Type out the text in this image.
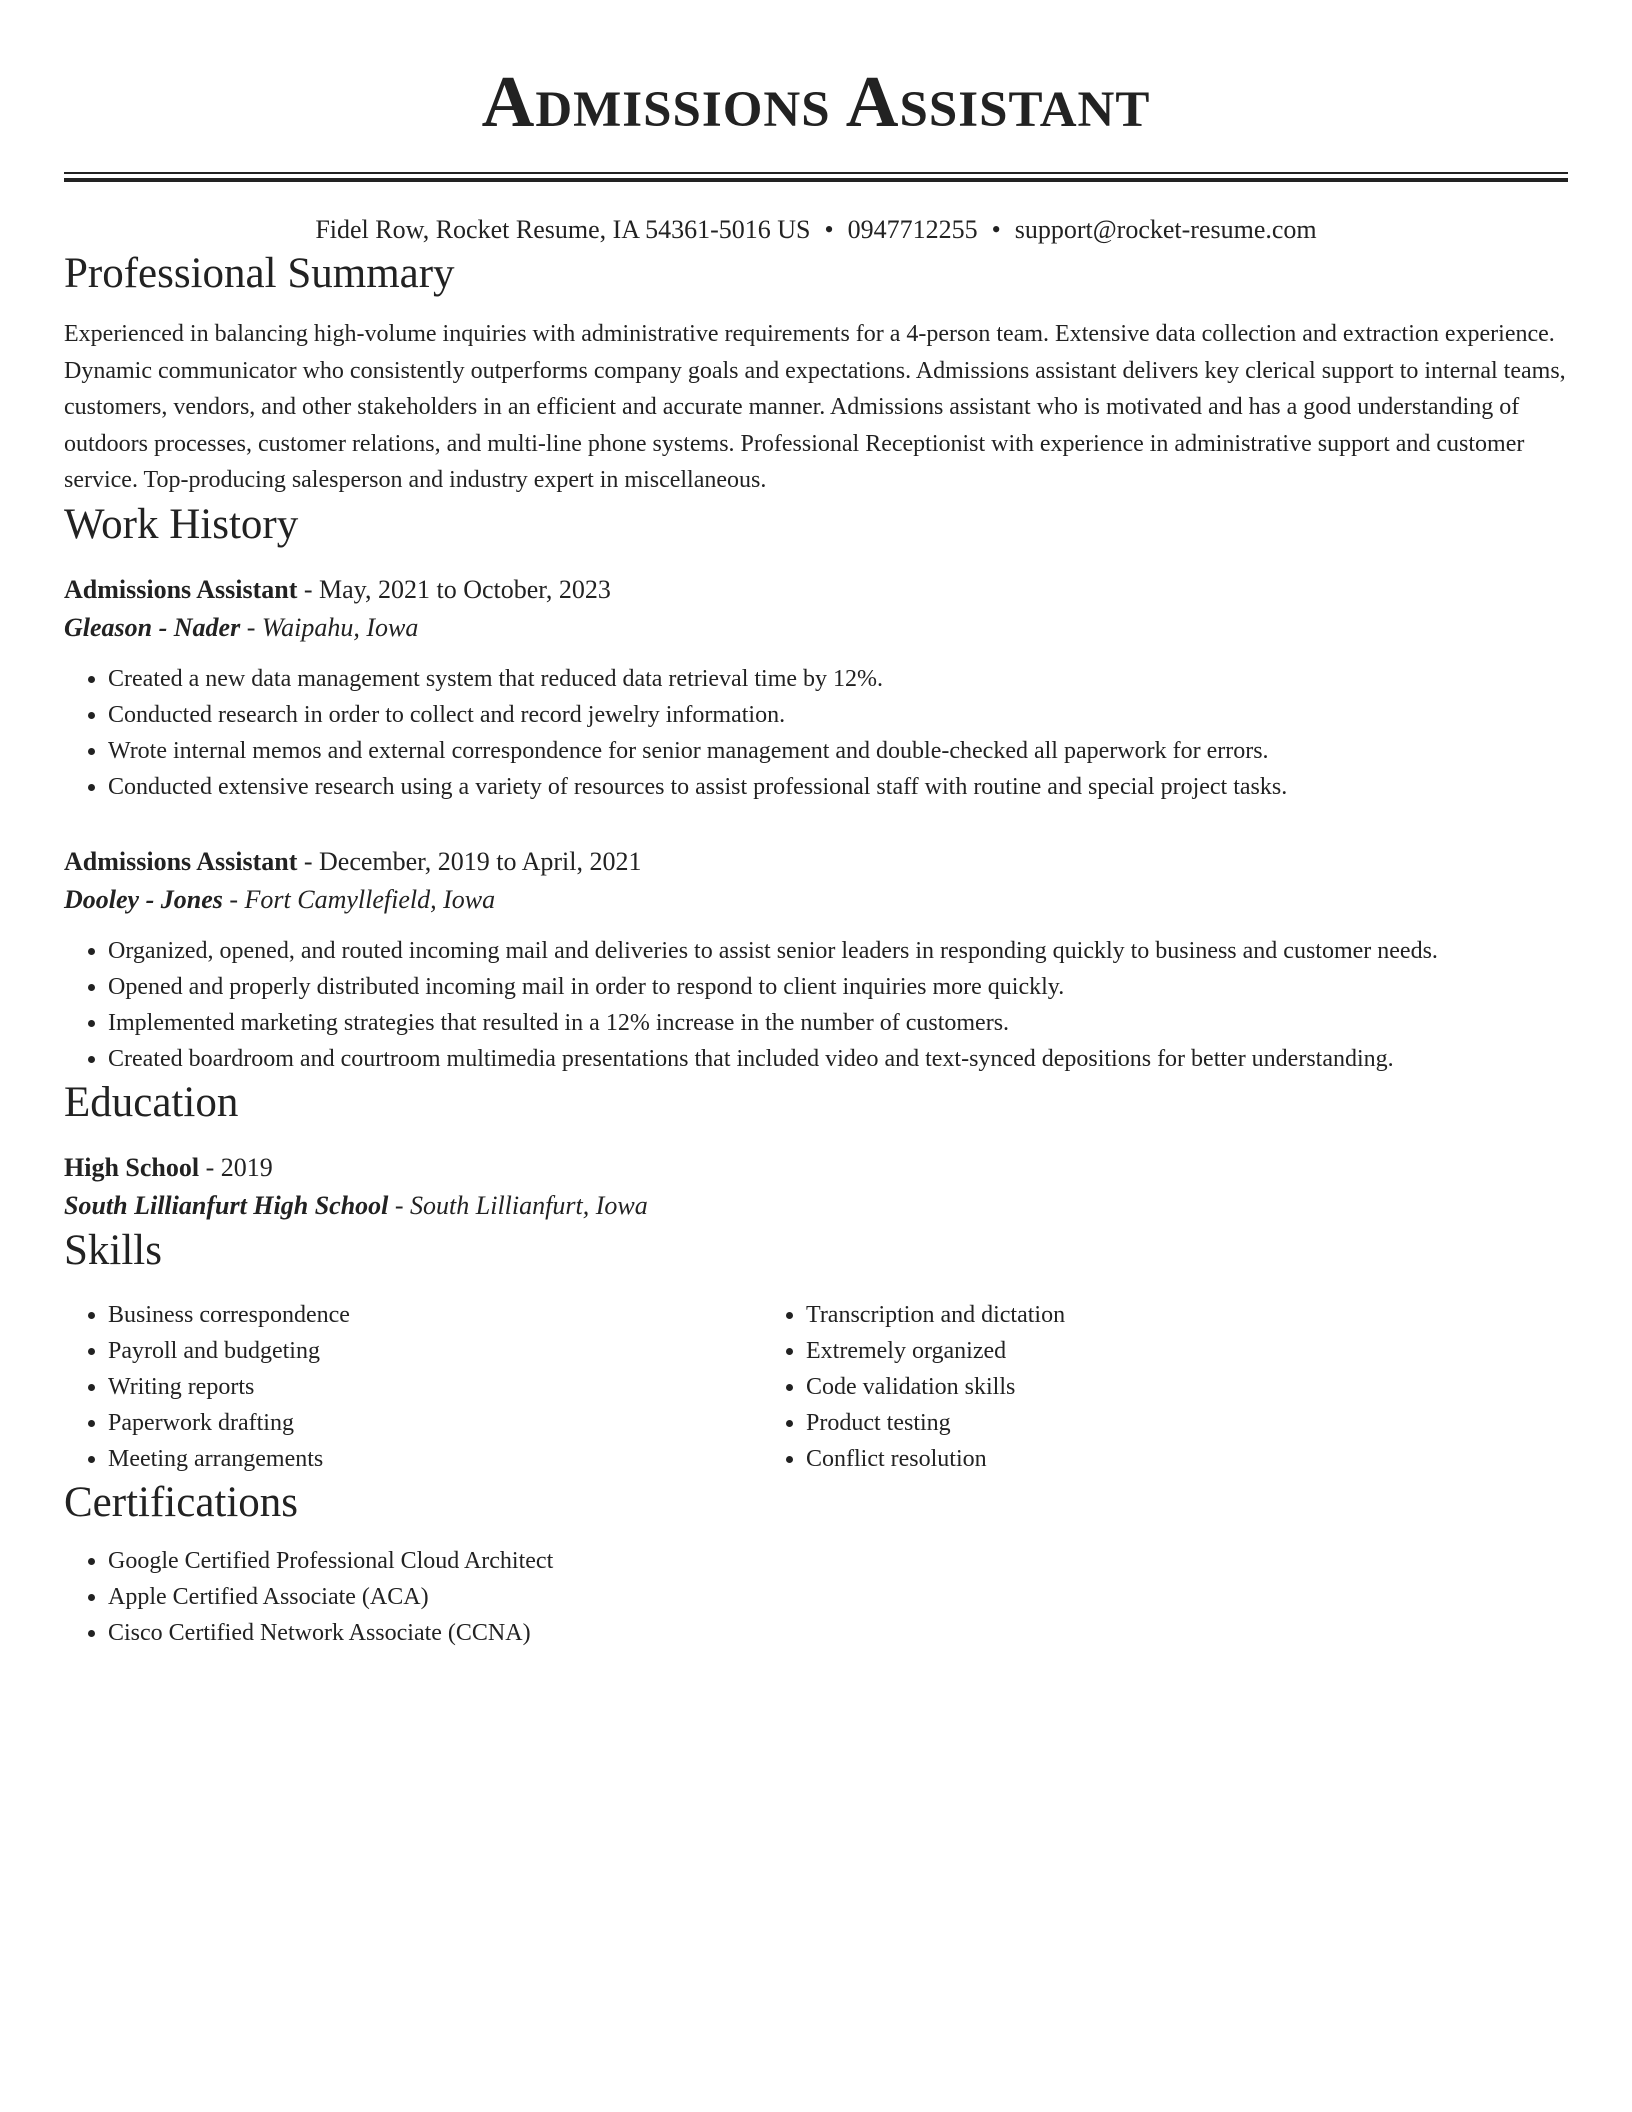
Admissions Assistant
Fidel Row, Rocket Resume, IA 54361-5016 US • 0947712255 • support@rocket-resume.com
Professional Summary
Experienced in balancing high-volume inquiries with administrative requirements for a 4-person team. Extensive data collection and extraction experience. Dynamic communicator who consistently outperforms company goals and expectations. Admissions assistant delivers key clerical support to internal teams, customers, vendors, and other stakeholders in an efficient and accurate manner. Admissions assistant who is motivated and has a good understanding of outdoors processes, customer relations, and multi-line phone systems. Professional Receptionist with experience in administrative support and customer service. Top-producing salesperson and industry expert in miscellaneous.
Work History
Admissions Assistant - May, 2021 to October, 2023
Gleason - Nader - Waipahu, Iowa
• Created a new data management system that reduced data retrieval time by 12%.
• Conducted research in order to collect and record jewelry information.
• Wrote internal memos and external correspondence for senior management and double-checked all paperwork for errors.
• Conducted extensive research using a variety of resources to assist professional staff with routine and special project tasks.
Admissions Assistant - December, 2019 to April, 2021
Dooley - Jones - Fort Camyllefield, Iowa
• Organized, opened, and routed incoming mail and deliveries to assist senior leaders in responding quickly to business and customer needs.
• Opened and properly distributed incoming mail in order to respond to client inquiries more quickly.
• Implemented marketing strategies that resulted in a 12% increase in the number of customers.
• Created boardroom and courtroom multimedia presentations that included video and text-synced depositions for better understanding.
Education
High School - 2019
South Lillianfurt High School - South Lillianfurt, Iowa
Skills
• Business correspondence
• Payroll and budgeting
• Writing reports
• Paperwork drafting
• Meeting arrangements
• Transcription and dictation
• Extremely organized
• Code validation skills
• Product testing
• Conflict resolution
Certifications
• Google Certified Professional Cloud Architect
• Apple Certified Associate (ACA)
• Cisco Certified Network Associate (CCNA)
